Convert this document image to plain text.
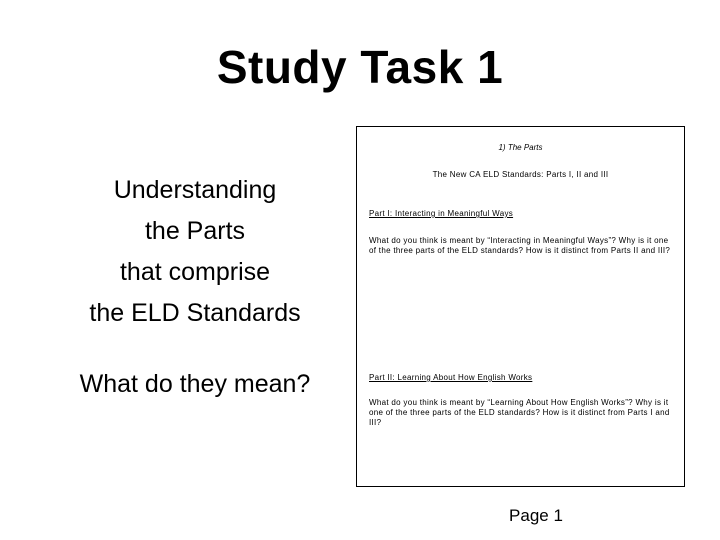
Study Task 1
Understanding
the Parts
that comprise
the ELD Standards
What do they mean?
1) The Parts
The New CA ELD Standards: Parts I, II and III
Part I: Interacting in Meaningful Ways
What do you think is meant by “Interacting in Meaningful Ways”? Why is it one of the three parts of the ELD standards? How is it distinct from Parts II and III?
Part II: Learning About How English Works
What do you think is meant by “Learning About How English Works”? Why is it one of the three parts of the ELD standards? How is it distinct from Parts I and III?
Page 1
